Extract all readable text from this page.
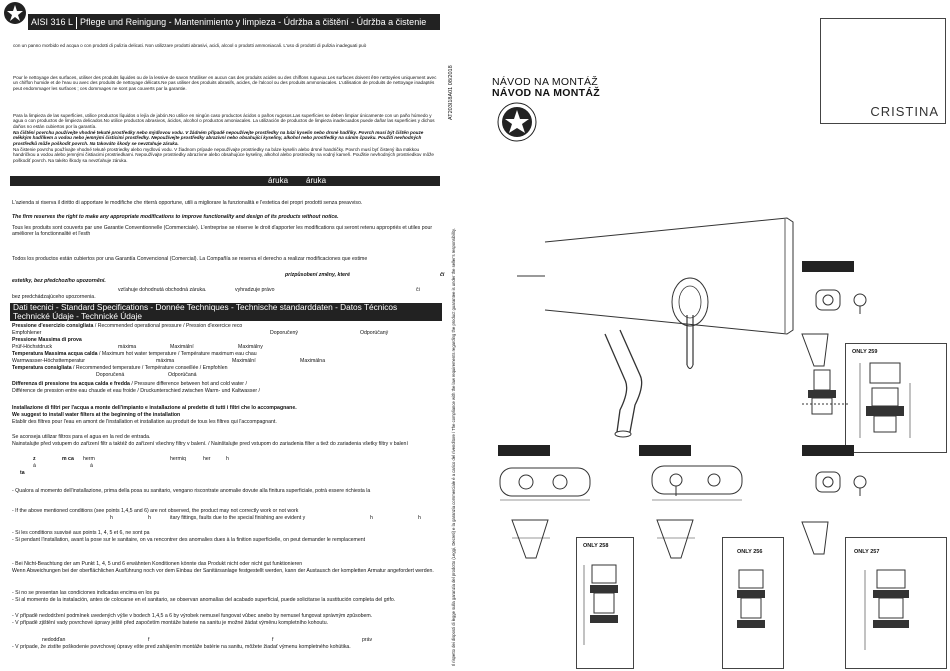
AISI 316 L Pflege und Reinigung - Mantenimiento y limpieza - Údržba a čištění - Údržba a čistenie
con un panno morbido ed acqua o con prodotti di pulizia delicati. Non utilizzare prodotti abrasivi, acidi, alcool o prodotti ammoniacali. L'uso di prodotti di pulizia inadeguati può
Pour le nettoyage des surfaces, utiliser des produits liquides ou de la lessive de savon N'utiliser en aucun cas des produits acides ou des chiffons rugueux.Les surfaces doivent être nettoyées uniquement avec un chiffon humide et de l'eau ou avec des produits de nettoyage délicats.Ne pas utiliser des produits abrasifs, acides, de l'alcool ou des produits ammoniacales. L'utilisation de produits de nettoyage inadaptés peut endommager les surfaces ; ces dommages ne sont pas couverts par la garantie.
Para la limpieza de las superficies, utilice productos líquidos o lejía de jabón.No utilice en ningún caso productos ácidos o paños rugosos.Las superficies se deben limpiar únicamente con un paño húmedo y agua o con productos de limpieza delicados.No utilice productos abrasivos, ácidos, alcohol o productos amoniacales. La utilización de productos de limpieza inadecuados puede dañar las superficies y dichos daños no están cubiertos por la garantía.
Na čištění povrchu používejte vhodné tekuté prostředky nebo mýdlovou vodu. V žádném případě nepoužívejte prostředky na bázi kyselin nebo drsné hadříky. Povrch musí být čištěn pouze měkkým hadříkem a vodou nebo jemnými čisticími prostředky. Nepoužívejte prostředky abrazivní nebo obsahující kyseliny, alkohol nebo prostředky na sáním čpavku. Použití nevhodných prostředků může poškodit povrch. Na takováto škody se nevztahuje záruka.
Na čistenie povrchu používajte vhodné tekuté prostriedky alebo mydlovú vodu. V žiadnom prípade nepoužívajte prostriedky na báze kyselín alebo drsné handričky. Povrch musí byť čistený iba mäkkou handričkou a vodou alebo jemnými čistiacimi prostriedkami. Nepoužívajte prostriedky abrazívne alebo obsahujúce kyseliny, alkohol alebo prostriedky na vodný kameň. Použitie nevhodných prostriedkov môže poškodiť povrch. Na takéto škody sa nevzťahuje záruka.
áruka áruka
L'azienda si riserva il diritto di apportare le modifiche che riterrà opportune, utili a migliorare la funzionalità e l'estetica dei propri prodotti senza preavviso.
The firm reserves the right to make any appropriate modifications to improve functionality and design of its products without notice.
Tous les produits sont couverts par une Garantie Conventionnelle (Commerciale). L'entreprise se réserve le droit d'apporter les modifications qui seront retenu appropriés et utiles pour améliorer la fonctionnalité et l'esth
Todos los productos están cubiertos por una Garantía Convencional (Comercial). La Compañía se reserva el derecho a realizar modificaciones que estime
prizpůsobení změny, které	či
estetiky, bez předchozího upozornění.
vzťahuje dohodnutá obchodná záruka.	vyhradzuje právo	či
bez predchádzajúceho upozornenia.
Dati tecnici - Standard Specifications - Donnée Techniques - Technische standarddaten - Datos Técnicos
Technické Údaje - Technické Údaje
Pressione d'esercizio consigliata / Recommended operational pressure / Pression d'exercice reco
Empfohlener	Doporučený	Odporúčaný
Pressione Massima di prova
Prüf-Höchstdruck	máxima	Maximální	Maximálny
Temperatura Massima acqua calda / Maximum hot water temperature / Température maximum eau chau
Warmwasser-Höchsttemperatur	máxima	Maximální	Maximálna
Temperatura consigliata / Recommended temperature / Température conseillée / Empfohlen
Doporučená	Odporúčaná
Differenza di pressione tra acqua calda e fredda / Pressure difference between hot and cold water /
Différence de pression entre eau chaude et eau froide / Druckunterschied zwischen Warm- und Kaltwasser /
Installazione di filtri per l'acqua a monte dell'impianto e installazione al predette di tutti i filtri che lo accompagnane.
We suggest to install water filters at the beginning of the installation
Etablir des filtres pour l'eau en amont de l'installation et installation au produit de tous les filtres qui l'accompagnant.
Se aconseja utilizar filtros para el agua en la red de entrada.
Nainstalujte před vstupem do zařízení filtr a taktéž do zařízení všechny filtry v balení. / Nainštalujte pred vstupom do zariadenia filter a tiež do zariadenia všetky filtry v balení
z	m ca herm	hermiq	her	h
á	á
ta
- Qualora al momento dell'installazione, prima della posa su sanitario, vengano riscontrate anomalie dovute alla finitura superficiale, potrà essere richiesta la
- If the above mentioned conditions (see points 1,4,5 and 6) are not observed, the product may not correctly work or not work
h	h	itary fittings, faults due to the special finishing are evident y	h	h
- Si les conditions susvisé aux points 1, 4, 5 et 6, ne sont pa
- Si pendant l'installation, avant la pose sur le sanitaire, on va rencontrer des anomalies dues à la finition superficielle, on peut demander le remplacement
- Bei Nicht-Beachtung der am Punkt 1, 4, 5 und 6 erwähnten Konditionen könnte das Produkt nicht oder nicht gut funktionieren
Wenn Abweichungen bei der oberflächlichen Ausführung noch vor dem Einbau der Sanitärsanlage festgestellt werden, kann der Austausch der kompletten Armatur angefordert werden.
- Si no se presentan las condiciones indicadas encima en los pu
- Si al momento de la instalación, antes de colocarse en el sanitario, se observan anomalías del acabado superficial, puede solicitarse la sustitución completa del grifo.
- V případě nedodržení podmínek uvedených výše v bodech 1,4,5 a 6 by výrobek nemusel fungovat vůbec anebo by nemusel fungovat správným způsobem.
- V případě zjištění vady povrchové úpravy ještě před započetím montáže baterie na sanitu je možné žádat výměnu kompletního kohoutu.
nedodďan	f	f	práv
- V prípade, že zistíte poškodenie povrchovej úpravy ešte pred zahájením montáže batérie na sanitu, môžete žiadať výmenu kompletného kohútika.
AT203I18A01 08/2018
Il rispetto dei disposti di legge sulla garanzia del prodotto (Leggi, Decreti) e la garanzia commerciale è a carico del rivenditore / The compliance with the law requirements regarding the product guarantee is under the seller's responsibility.
NÁVOD NA MONTÁŽ
NÁVOD NA MONTÁŽ
CRISTINA
ONLY 259
ONLY 258
ONLY 256	ONLY 257
